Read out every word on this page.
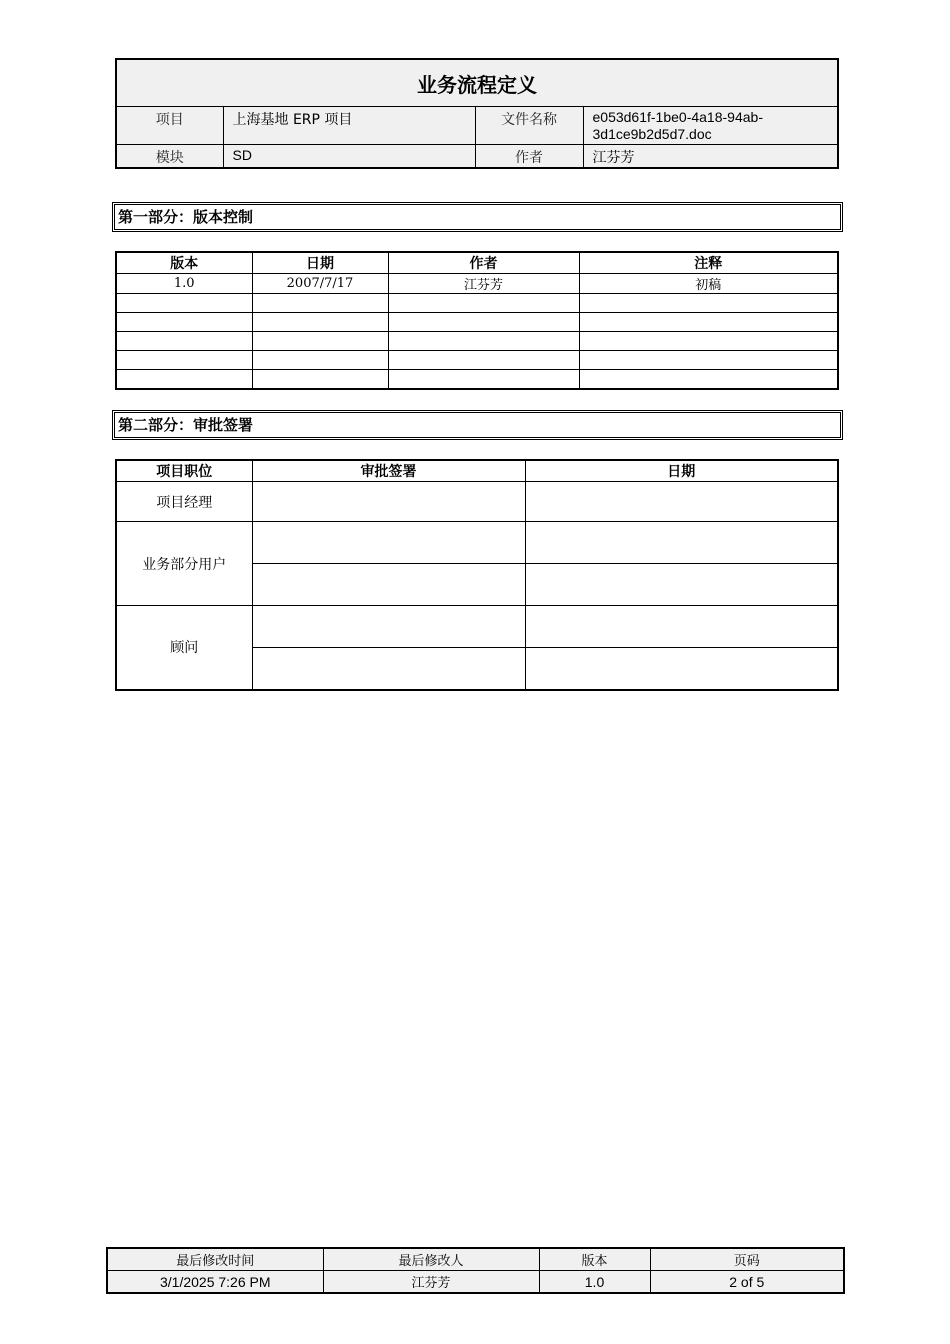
业务流程定义			
项目	上海基地 ERP 项目	文件名称	e053d61f-1be0-4a18-94ab-
3d1ce9b2d5d7.doc

模块	SD	作者	江芬芳
第一部分：版本控制
版本	日期	作者	注释
1.0	2007/7/17	江芬芳	初稿

第二部分：审批签署
项目职位	审批签署	日期
项目经理		
业务部分用户		

顾问		

最后修改时间	最后修改人	版本	页码
3/1/2025 7:26 PM	江芬芳	1.0	2 of 5
